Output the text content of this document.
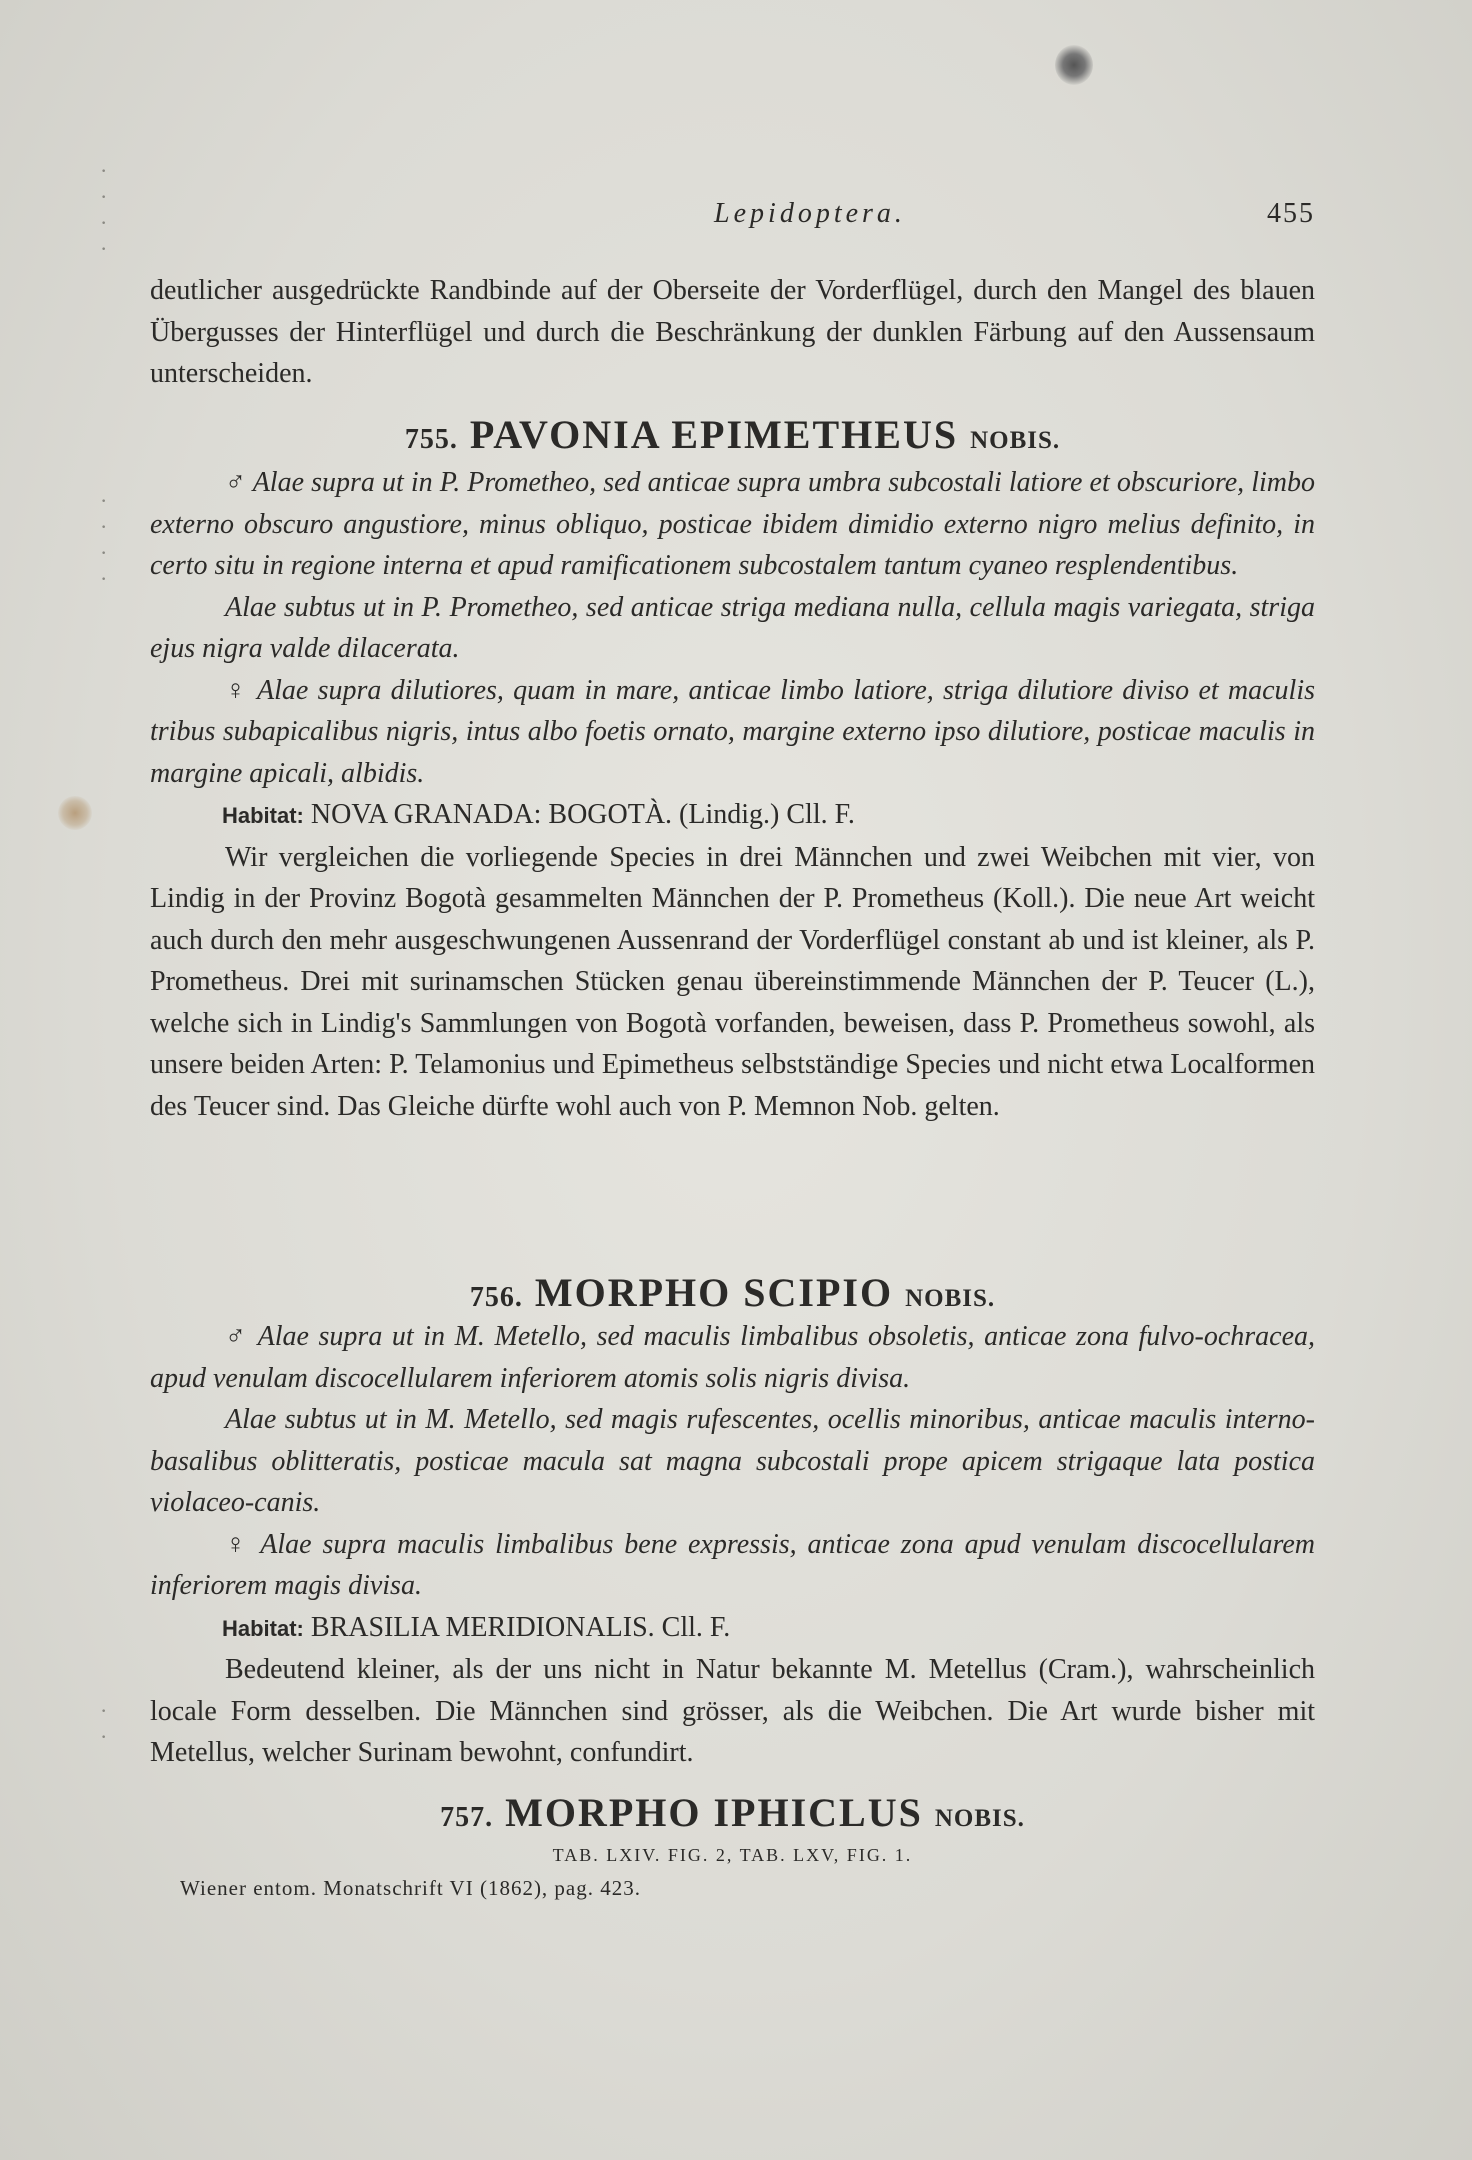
·
·
·
·
·
·
·
·
·
·
Lepidoptera.	455

deutlicher ausgedrückte Randbinde auf der Oberseite der Vorderflügel, durch den Mangel des blauen Übergusses der Hinterflügel und durch die Beschränkung der dunklen Färbung auf den Aussensaum unterscheiden.

755. PAVONIA EPIMETHEUS NOBIS.

♂ Alae supra ut in P. Prometheo, sed anticae supra umbra subcostali latiore et obscuriore, limbo externo obscuro angustiore, minus obliquo, posticae ibidem dimidio externo nigro melius definito, in certo situ in regione interna et apud ramificationem subcostalem tantum cyaneo resplendentibus.

Alae subtus ut in P. Prometheo, sed anticae striga mediana nulla, cellula magis variegata, striga ejus nigra valde dilacerata.

♀ Alae supra dilutiores, quam in mare, anticae limbo latiore, striga dilutiore diviso et maculis tribus subapicalibus nigris, intus albo foetis ornato, margine externo ipso dilutiore, posticae maculis in margine apicali, albidis.

Habitat: NOVA GRANADA: BOGOTÀ. (Lindig.) Cll. F.

Wir vergleichen die vorliegende Species in drei Männchen und zwei Weibchen mit vier, von Lindig in der Provinz Bogotà gesammelten Männchen der P. Prometheus (Koll.). Die neue Art weicht auch durch den mehr ausgeschwungenen Aussenrand der Vorderflügel constant ab und ist kleiner, als P. Prometheus. Drei mit surinamschen Stücken genau übereinstimmende Männchen der P. Teucer (L.), welche sich in Lindig's Sammlungen von Bogotà vorfanden, beweisen, dass P. Prometheus sowohl, als unsere beiden Arten: P. Telamonius und Epimetheus selbstständige Species und nicht etwa Localformen des Teucer sind. Das Gleiche dürfte wohl auch von P. Memnon Nob. gelten.

756. MORPHO SCIPIO NOBIS.

♂ Alae supra ut in M. Metello, sed maculis limbalibus obsoletis, anticae zona fulvo-ochracea, apud venulam discocellularem inferiorem atomis solis nigris divisa.

Alae subtus ut in M. Metello, sed magis rufescentes, ocellis minoribus, anticae maculis interno-basalibus oblitteratis, posticae macula sat magna subcostali prope apicem strigaque lata postica violaceo-canis.

♀ Alae supra maculis limbalibus bene expressis, anticae zona apud venulam discocellularem inferiorem magis divisa.

Habitat: BRASILIA MERIDIONALIS. Cll. F.

Bedeutend kleiner, als der uns nicht in Natur bekannte M. Metellus (Cram.), wahrscheinlich locale Form desselben. Die Männchen sind grösser, als die Weibchen. Die Art wurde bisher mit Metellus, welcher Surinam bewohnt, confundirt.

757. MORPHO IPHICLUS NOBIS.

TAB. LXIV. FIG. 2, TAB. LXV, FIG. 1.

Wiener entom. Monatschrift VI (1862), pag. 423.
